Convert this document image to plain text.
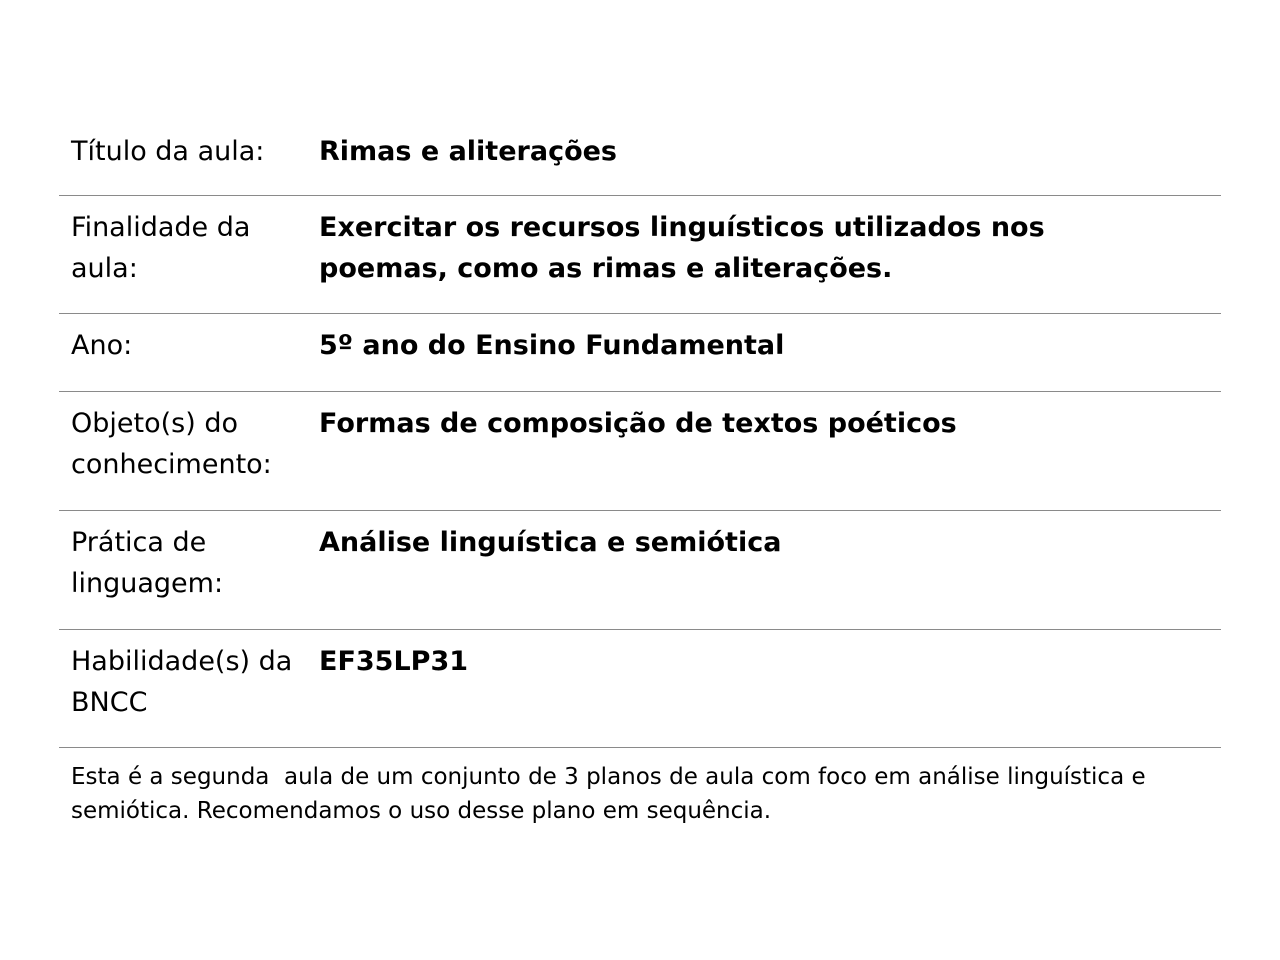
Título da aula:	Rimas e aliterações
Finalidade da aula:
Exercitar os recursos linguísticos utilizados nos poemas, como as rimas e aliterações.
Ano:	5º ano do Ensino Fundamental
Objeto(s) do conhecimento:
Formas de composição de textos poéticos
Prática de linguagem:
Análise linguística e semiótica
Habilidade(s) da BNCC
EF35LP31
Esta é a segunda  aula de um conjunto de 3 planos de aula com foco em análise linguística e semiótica. Recomendamos o uso desse plano em sequência.
